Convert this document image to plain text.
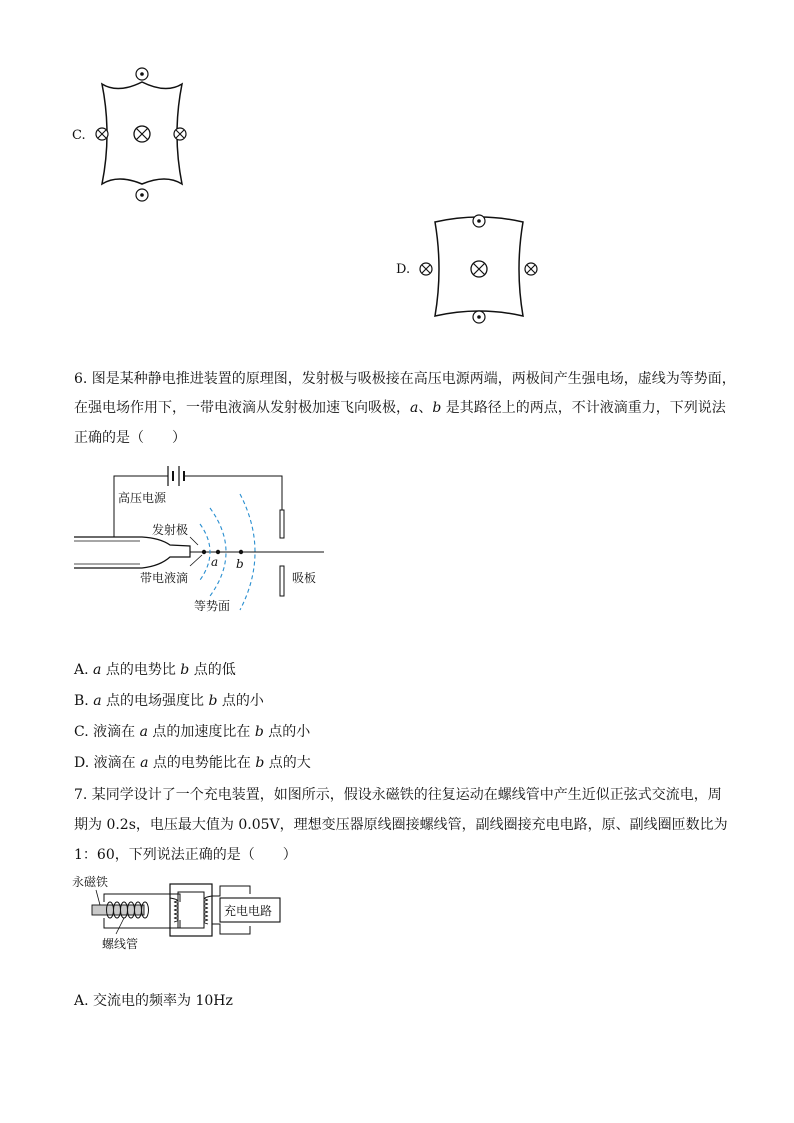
C.
D.
6. 图是某种静电推进装置的原理图，发射极与吸极接在高压电源两端，两极间产生强电场，虚线为等势面，
在强电场作用下，一带电液滴从发射极加速飞向吸极，a、b 是其路径上的两点，不计液滴重力，下列说法
正确的是（　　）
高压电源
发射极
带电液滴
等势面
吸板
a b
A. a 点的电势比 b 点的低
B. a 点的电场强度比 b 点的小
C. 液滴在 a 点的加速度比在 b 点的小
D. 液滴在 a 点的电势能比在 b 点的大
7. 某同学设计了一个充电装置，如图所示，假设永磁铁的往复运动在螺线管中产生近似正弦式交流电，周
期为 0.2s，电压最大值为 0.05V，理想变压器原线圈接螺线管，副线圈接充电电路，原、副线圈匝数比为
1：60，下列说法正确的是（　　）
永磁铁
螺线管
充电电路
A. 交流电的频率为 10Hz
